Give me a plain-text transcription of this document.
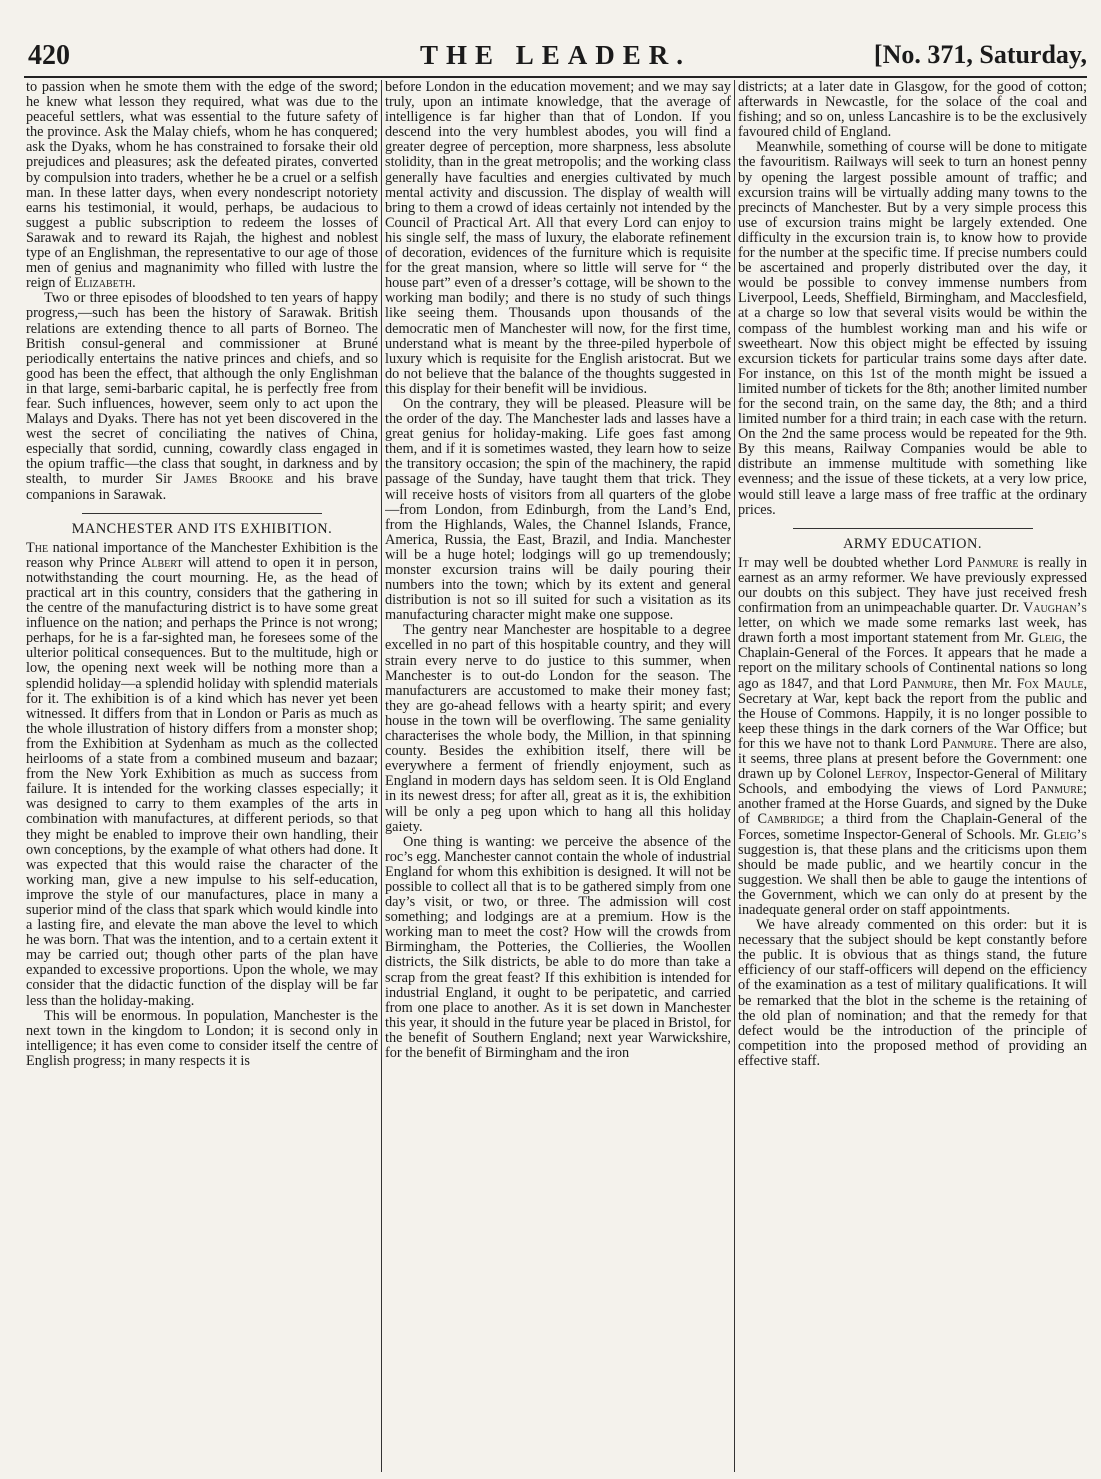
420	THE LEADER.	[No. 371, Saturday,

to passion when he smote them with the edge of the sword; he knew what lesson they required, what was due to the peaceful settlers, what was essential to the future safety of the province. Ask the Malay chiefs, whom he has conquered; ask the Dyaks, whom he has constrained to forsake their old prejudices and pleasures; ask the defeated pirates, converted by compulsion into traders, whether he be a cruel or a selfish man. In these latter days, when every nondescript notoriety earns his testimonial, it would, perhaps, be audacious to suggest a public subscription to redeem the losses of Sarawak and to reward its Rajah, the highest and noblest type of an Englishman, the representative to our age of those men of genius and magnanimity who filled with lustre the reign of Elizabeth.

Two or three episodes of bloodshed to ten years of happy progress,—such has been the history of Sarawak. British relations are extending thence to all parts of Borneo. The British consul-general and commissioner at Bruné periodically entertains the native princes and chiefs, and so good has been the effect, that although the only Englishman in that large, semi-barbaric capital, he is perfectly free from fear. Such influences, however, seem only to act upon the Malays and Dyaks. There has not yet been discovered in the west the secret of conciliating the natives of China, especially that sordid, cunning, cowardly class engaged in the opium traffic—the class that sought, in darkness and by stealth, to murder Sir James Brooke and his brave companions in Sarawak.

MANCHESTER AND ITS EXHIBITION.

The national importance of the Manchester Exhibition is the reason why Prince Albert will attend to open it in person, notwithstanding the court mourning. He, as the head of practical art in this country, considers that the gathering in the centre of the manufacturing district is to have some great influence on the nation; and perhaps the Prince is not wrong; perhaps, for he is a far-sighted man, he foresees some of the ulterior political consequences. But to the multitude, high or low, the opening next week will be nothing more than a splendid holiday—a splendid holiday with splendid materials for it. The exhibition is of a kind which has never yet been witnessed. It differs from that in London or Paris as much as the whole illustration of history differs from a monster shop; from the Exhibition at Sydenham as much as the collected heirlooms of a state from a combined museum and bazaar; from the New York Exhibition as much as success from failure. It is intended for the working classes especially; it was designed to carry to them examples of the arts in combination with manufactures, at different periods, so that they might be enabled to improve their own handling, their own conceptions, by the example of what others had done. It was expected that this would raise the character of the working man, give a new impulse to his self-education, improve the style of our manufactures, place in many a superior mind of the class that spark which would kindle into a lasting fire, and elevate the man above the level to which he was born. That was the intention, and to a certain extent it may be carried out; though other parts of the plan have expanded to excessive proportions. Upon the whole, we may consider that the didactic function of the display will be far less than the holiday-making.

This will be enormous. In population, Manchester is the next town in the kingdom to London; it is second only in intelligence; it has even come to consider itself the centre of English progress; in many respects it is

before London in the education movement; and we may say truly, upon an intimate knowledge, that the average of intelligence is far higher than that of London. If you descend into the very humblest abodes, you will find a greater degree of perception, more sharpness, less absolute stolidity, than in the great metropolis; and the working class generally have faculties and energies cultivated by much mental activity and discussion. The display of wealth will bring to them a crowd of ideas certainly not intended by the Council of Practical Art. All that every Lord can enjoy to his single self, the mass of luxury, the elaborate refinement of decoration, evidences of the furniture which is requisite for the great mansion, where so little will serve for “ the house part” even of a dresser’s cottage, will be shown to the working man bodily; and there is no study of such things like seeing them. Thousands upon thousands of the democratic men of Manchester will now, for the first time, understand what is meant by the three-piled hyperbole of luxury which is requisite for the English aristocrat. But we do not believe that the balance of the thoughts suggested in this display for their benefit will be invidious.

On the contrary, they will be pleased. Pleasure will be the order of the day. The Manchester lads and lasses have a great genius for holiday-making. Life goes fast among them, and if it is sometimes wasted, they learn how to seize the transitory occasion; the spin of the machinery, the rapid passage of the Sunday, have taught them that trick. They will receive hosts of visitors from all quarters of the globe—from London, from Edinburgh, from the Land’s End, from the Highlands, Wales, the Channel Islands, France, America, Russia, the East, Brazil, and India. Manchester will be a huge hotel; lodgings will go up tremendously; monster excursion trains will be daily pouring their numbers into the town; which by its extent and general distribution is not so ill suited for such a visitation as its manufacturing character might make one suppose.

The gentry near Manchester are hospitable to a degree excelled in no part of this hospitable country, and they will strain every nerve to do justice to this summer, when Manchester is to out-do London for the season. The manufacturers are accustomed to make their money fast; they are go-ahead fellows with a hearty spirit; and every house in the town will be overflowing. The same geniality characterises the whole body, the Million, in that spinning county. Besides the exhibition itself, there will be everywhere a ferment of friendly enjoyment, such as England in modern days has seldom seen. It is Old England in its newest dress; for after all, great as it is, the exhibition will be only a peg upon which to hang all this holiday gaiety.

One thing is wanting: we perceive the absence of the roc’s egg. Manchester cannot contain the whole of industrial England for whom this exhibition is designed. It will not be possible to collect all that is to be gathered simply from one day’s visit, or two, or three. The admission will cost something; and lodgings are at a premium. How is the working man to meet the cost? How will the crowds from Birmingham, the Potteries, the Collieries, the Woollen districts, the Silk districts, be able to do more than take a scrap from the great feast? If this exhibition is intended for industrial England, it ought to be peripatetic, and carried from one place to another. As it is set down in Manchester this year, it should in the future year be placed in Bristol, for the benefit of Southern England; next year Warwickshire, for the benefit of Birmingham and the iron

districts; at a later date in Glasgow, for the good of cotton; afterwards in Newcastle, for the solace of the coal and fishing; and so on, unless Lancashire is to be the exclusively favoured child of England.

Meanwhile, something of course will be done to mitigate the favouritism. Railways will seek to turn an honest penny by opening the largest possible amount of traffic; and excursion trains will be virtually adding many towns to the precincts of Manchester. But by a very simple process this use of excursion trains might be largely extended. One difficulty in the excursion train is, to know how to provide for the number at the specific time. If precise numbers could be ascertained and properly distributed over the day, it would be possible to convey immense numbers from Liverpool, Leeds, Sheffield, Birmingham, and Macclesfield, at a charge so low that several visits would be within the compass of the humblest working man and his wife or sweetheart. Now this object might be effected by issuing excursion tickets for particular trains some days after date. For instance, on this 1st of the month might be issued a limited number of tickets for the 8th; another limited number for the second train, on the same day, the 8th; and a third limited number for a third train; in each case with the return. On the 2nd the same process would be repeated for the 9th. By this means, Railway Companies would be able to distribute an immense multitude with something like evenness; and the issue of these tickets, at a very low price, would still leave a large mass of free traffic at the ordinary prices.

ARMY EDUCATION.

It may well be doubted whether Lord Panmure is really in earnest as an army reformer. We have previously expressed our doubts on this subject. They have just received fresh confirmation from an unimpeachable quarter. Dr. Vaughan’s letter, on which we made some remarks last week, has drawn forth a most important statement from Mr. Gleig, the Chaplain-General of the Forces. It appears that he made a report on the military schools of Continental nations so long ago as 1847, and that Lord Panmure, then Mr. Fox Maule, Secretary at War, kept back the report from the public and the House of Commons. Happily, it is no longer possible to keep these things in the dark corners of the War Office; but for this we have not to thank Lord Panmure. There are also, it seems, three plans at present before the Government: one drawn up by Colonel Lefroy, Inspector-General of Military Schools, and embodying the views of Lord Panmure; another framed at the Horse Guards, and signed by the Duke of Cambridge; a third from the Chaplain-General of the Forces, sometime Inspector-General of Schools. Mr. Gleig’s suggestion is, that these plans and the criticisms upon them should be made public, and we heartily concur in the suggestion. We shall then be able to gauge the intentions of the Government, which we can only do at present by the inadequate general order on staff appointments.

We have already commented on this order: but it is necessary that the subject should be kept constantly before the public. It is obvious that as things stand, the future efficiency of our staff-officers will depend on the efficiency of the examination as a test of military qualifications. It will be remarked that the blot in the scheme is the retaining of the old plan of nomination; and that the remedy for that defect would be the introduction of the principle of competition into the proposed method of providing an effective staff.
